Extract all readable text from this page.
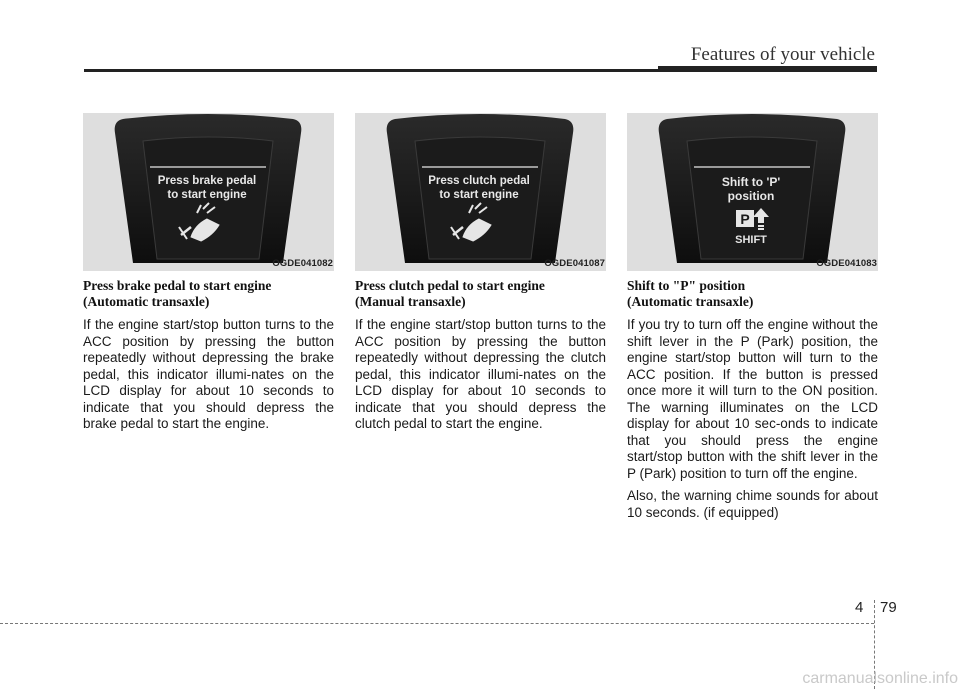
Features of your vehicle
Press brake pedal
to start engine
OGDE041082

Press brake pedal to start engine
(Automatic transaxle)

If the engine start/stop button turns to the ACC position by pressing the button repeatedly without depressing the brake pedal, this indicator illumi-nates on the LCD display for about 10 seconds to indicate that you should depress the brake pedal to start the engine.

Press clutch pedal
to start engine
OGDE041087

Press clutch pedal to start engine
(Manual transaxle)

If the engine start/stop button turns to the ACC position by pressing the button repeatedly without depressing the clutch pedal, this indicator illumi-nates on the LCD display for about 10 seconds to indicate that you should depress the clutch pedal to start the engine.

Shift to 'P'
position
P
SHIFT
OGDE041083

Shift to "P" position
(Automatic transaxle)

If you try to turn off the engine without the shift lever in the P (Park) position, the engine start/stop button will turn to the ACC position. If the button is pressed once more it will turn to the ON position. The warning illuminates on the LCD display for about 10 sec-onds to indicate that you should press the engine start/stop button with the shift lever in the P (Park) position to turn off the engine.

Also, the warning chime sounds for about 10 seconds. (if equipped)

4 79
carmanualsonline.info
